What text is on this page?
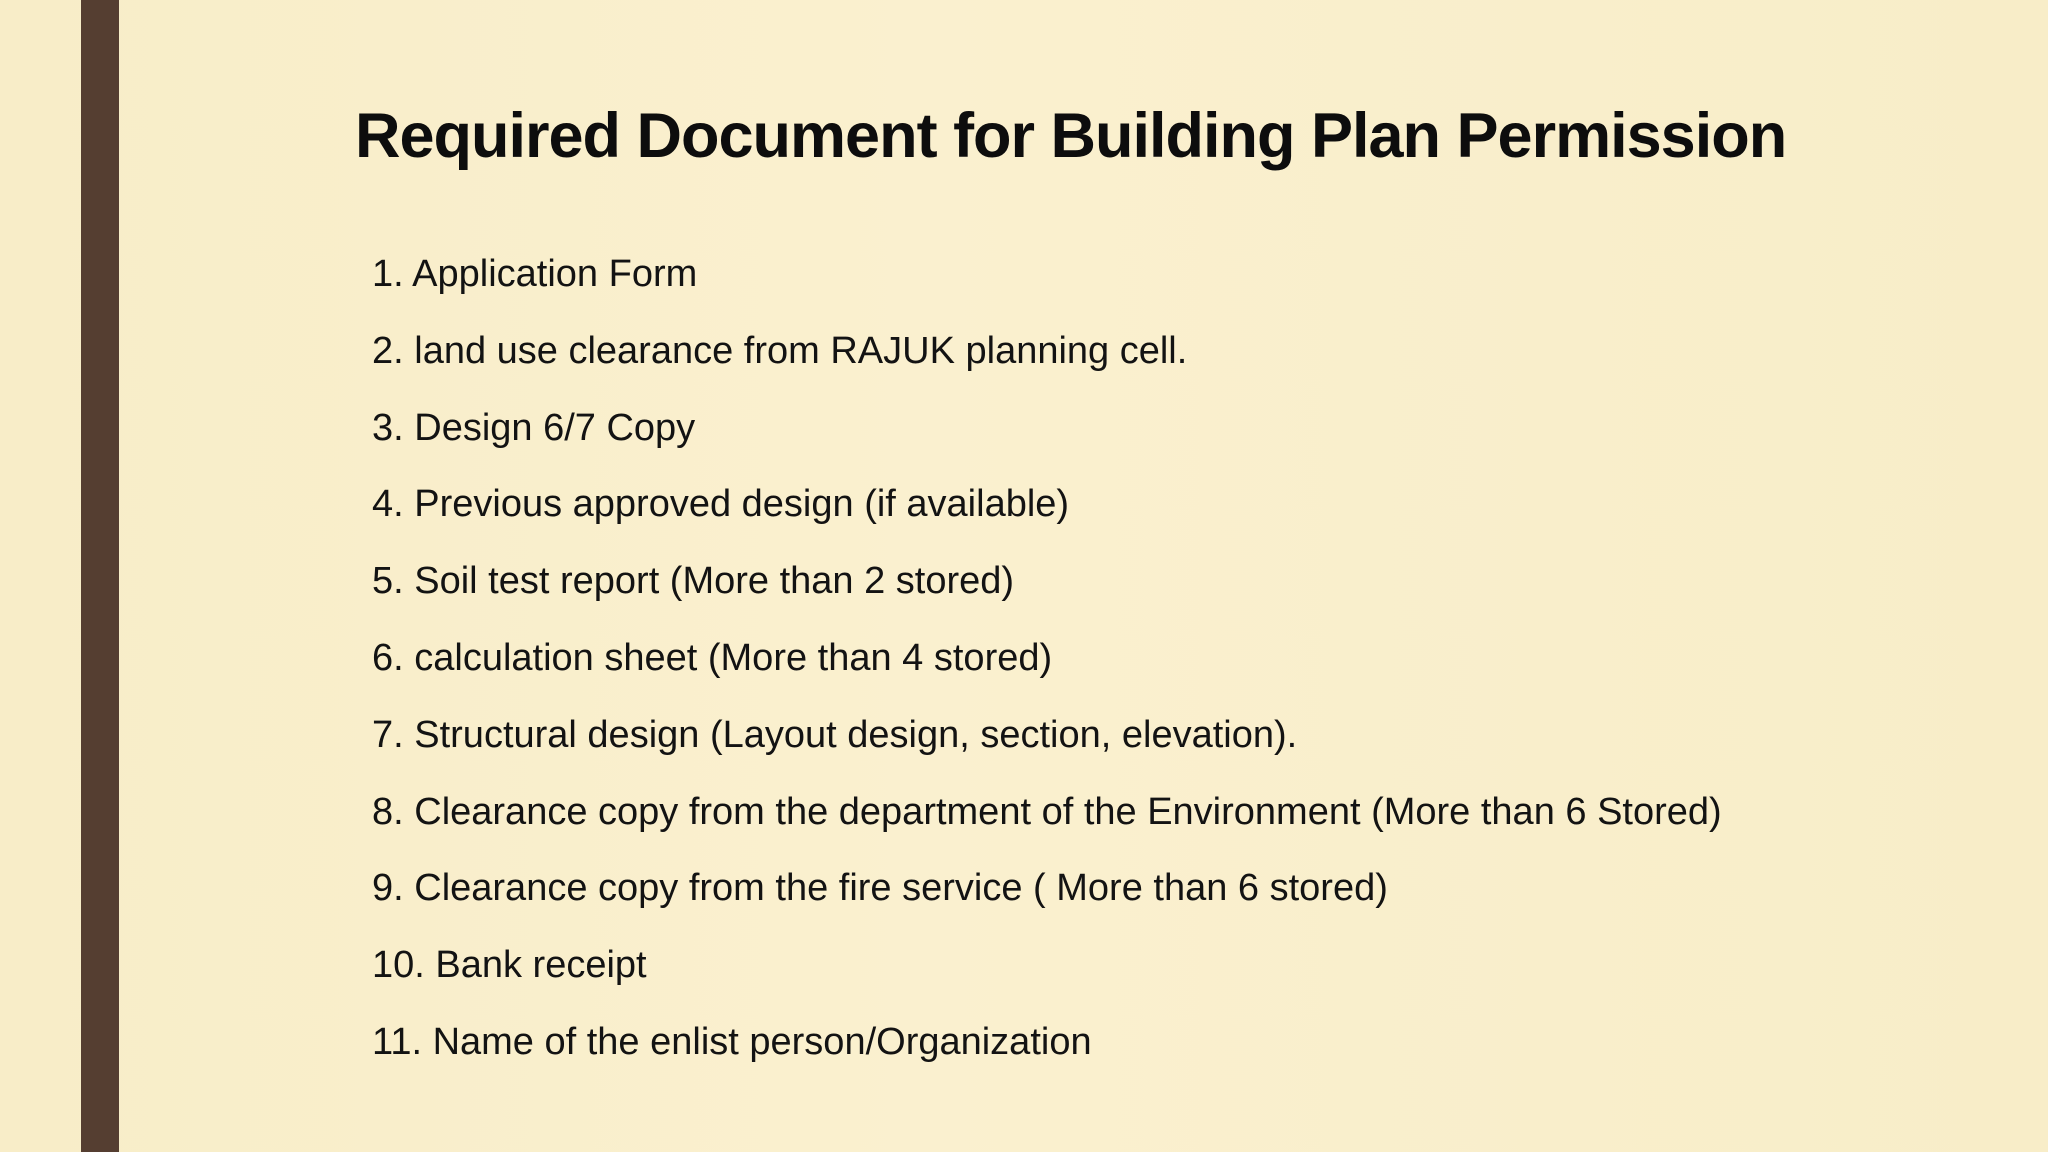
Required Document for Building Plan Permission
1. Application Form
2. land use clearance from RAJUK planning cell.
3. Design 6/7 Copy
4. Previous approved design (if available)
5. Soil test report (More than 2 stored)
6. calculation sheet (More than 4 stored)
7. Structural design (Layout design, section, elevation).
8. Clearance copy from the department of the Environment (More than 6 Stored)
9. Clearance copy from the fire service ( More than 6 stored)
10. Bank receipt
11. Name of the enlist person/Organization
